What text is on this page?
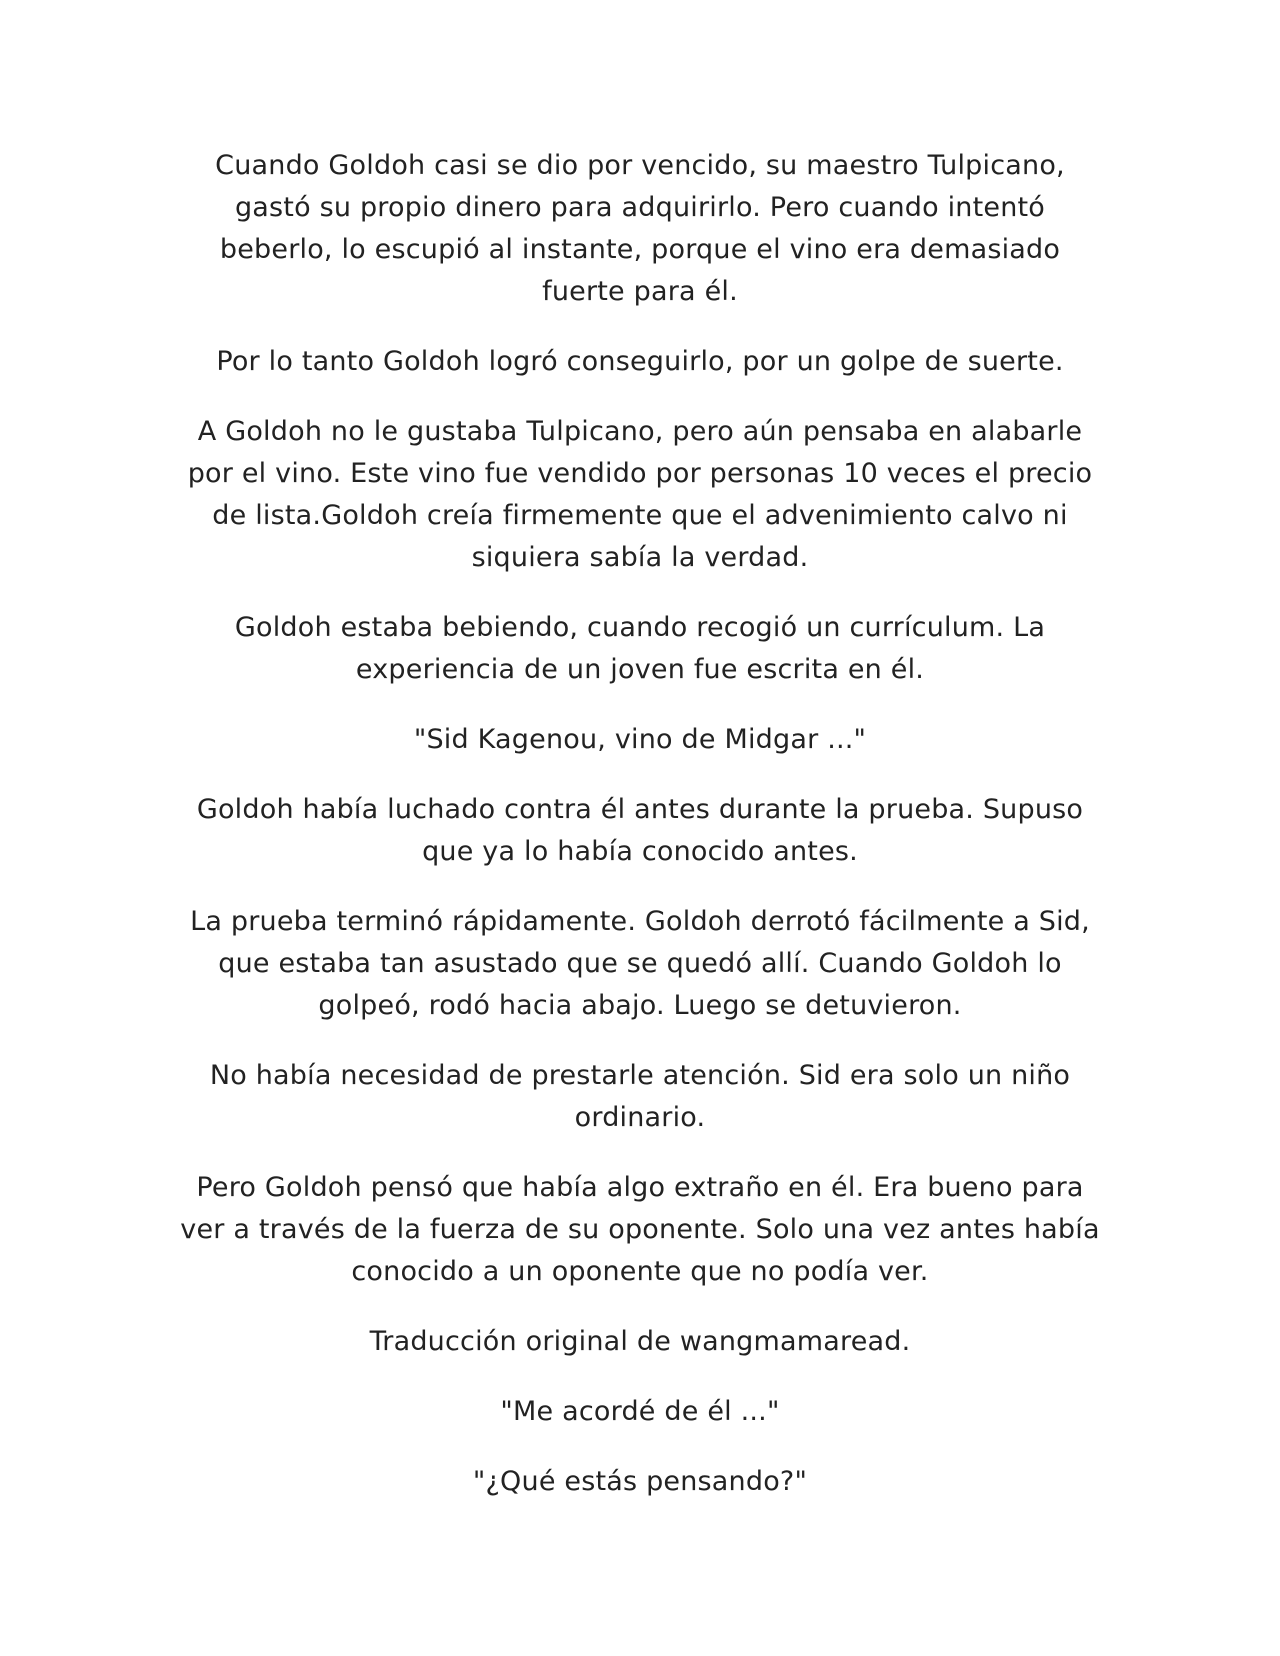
Cuando Goldoh casi se dio por vencido, su maestro Tulpicano, gastó su propio dinero para adquirirlo. Pero cuando intentó beberlo, lo escupió al instante, porque el vino era demasiado fuerte para él.

Por lo tanto Goldoh logró conseguirlo, por un golpe de suerte.

A Goldoh no le gustaba Tulpicano, pero aún pensaba en alabarle por el vino. Este vino fue vendido por personas 10 veces el precio de lista.Goldoh creía firmemente que el advenimiento calvo ni siquiera sabía la verdad.

Goldoh estaba bebiendo, cuando recogió un currículum. La experiencia de un joven fue escrita en él.

"Sid Kagenou, vino de Midgar ..."

Goldoh había luchado contra él antes durante la prueba. Supuso que ya lo había conocido antes.

La prueba terminó rápidamente. Goldoh derrotó fácilmente a Sid, que estaba tan asustado que se quedó allí. Cuando Goldoh lo golpeó, rodó hacia abajo. Luego se detuvieron.

No había necesidad de prestarle atención. Sid era solo un niño ordinario.

Pero Goldoh pensó que había algo extraño en él. Era bueno para ver a través de la fuerza de su oponente. Solo una vez antes había conocido a un oponente que no podía ver.

Traducción original de wangmamaread.

"Me acordé de él ..."

"¿Qué estás pensando?"
